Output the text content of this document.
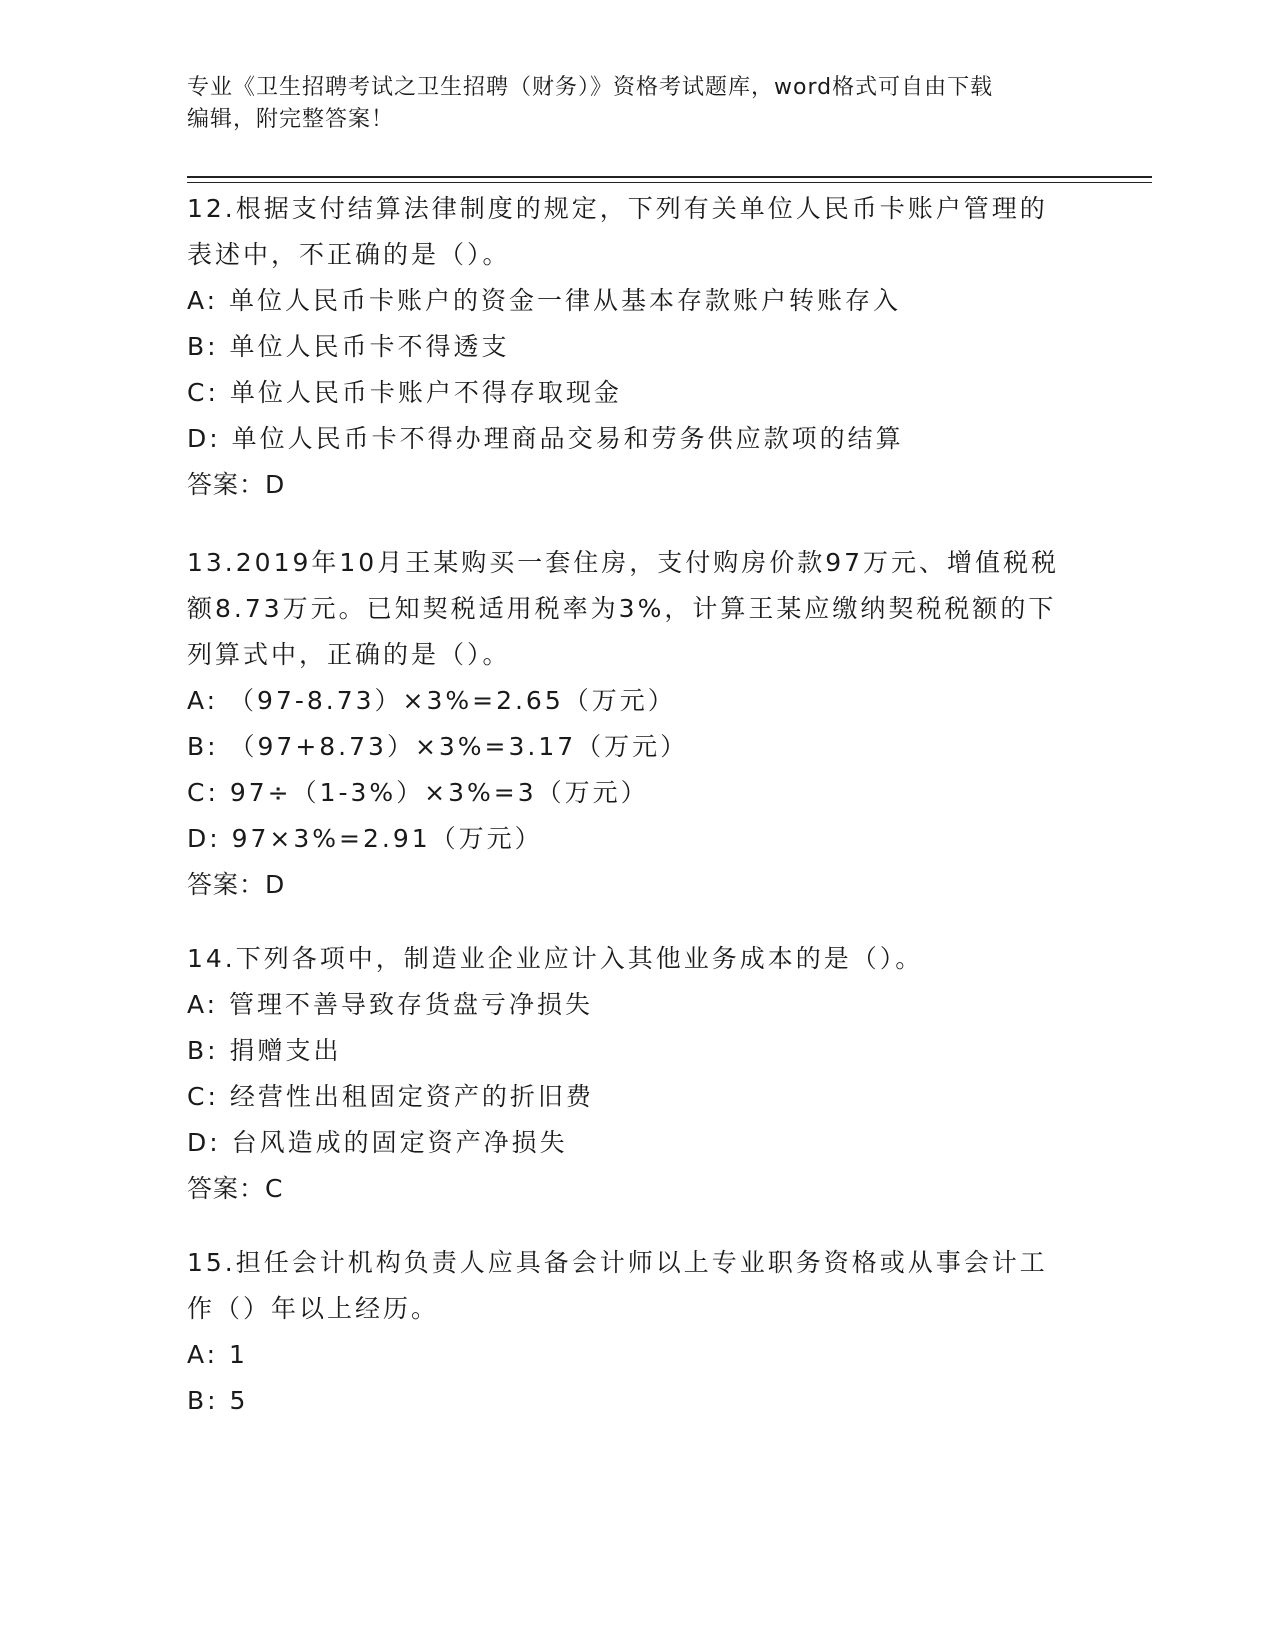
专业《卫生招聘考试之卫生招聘（财务）》资格考试题库，word格式可自由下载
编辑，附完整答案！
12.根据支付结算法律制度的规定，下列有关单位人民币卡账户管理的
表述中，不正确的是（）。
A: 单位人民币卡账户的资金一律从基本存款账户转账存入
B: 单位人民币卡不得透支
C: 单位人民币卡账户不得存取现金
D: 单位人民币卡不得办理商品交易和劳务供应款项的结算
答案：D
13.2019年10月王某购买一套住房，支付购房价款97万元、增值税税
额8.73万元。已知契税适用税率为3%，计算王某应缴纳契税税额的下
列算式中，正确的是（）。
A: （97-8.73）×3%=2.65（万元）
B: （97+8.73）×3%=3.17（万元）
C: 97÷（1-3%）×3%=3（万元）
D: 97×3%=2.91（万元）
答案：D
14.下列各项中，制造业企业应计入其他业务成本的是（）。
A: 管理不善导致存货盘亏净损失
B: 捐赠支出
C: 经营性出租固定资产的折旧费
D: 台风造成的固定资产净损失
答案：C
15.担任会计机构负责人应具备会计师以上专业职务资格或从事会计工
作（）年以上经历。
A: 1
B: 5
